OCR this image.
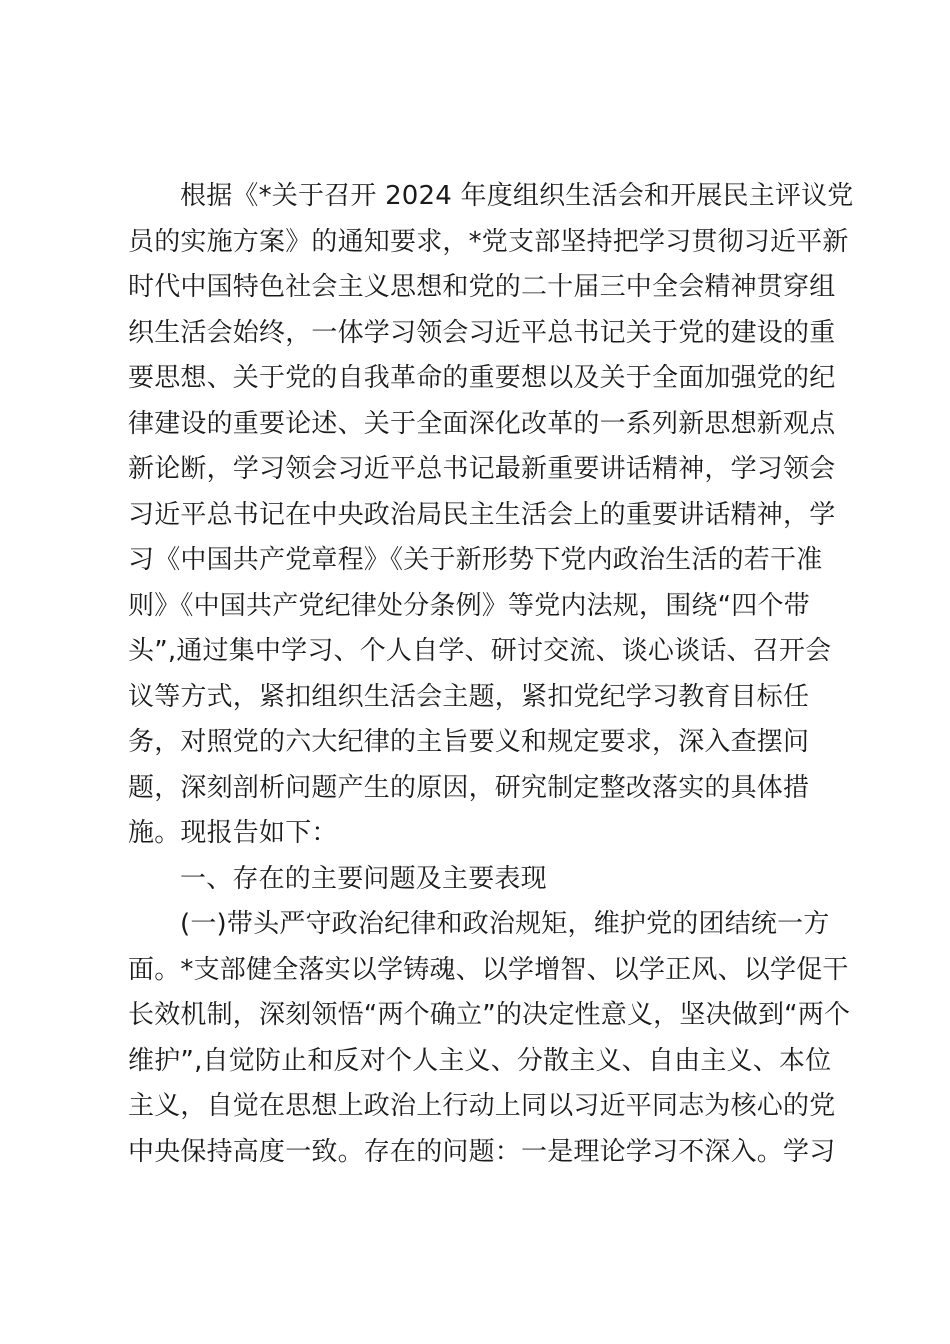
根据《*关于召开 2024 年度组织生活会和开展民主评议党
员的实施方案》的通知要求，*党支部坚持把学习贯彻习近平新
时代中国特色社会主义思想和党的二十届三中全会精神贯穿组
织生活会始终，一体学习领会习近平总书记关于党的建设的重
要思想、关于党的自我革命的重要想以及关于全面加强党的纪
律建设的重要论述、关于全面深化改革的一系列新思想新观点
新论断，学习领会习近平总书记最新重要讲话精神，学习领会
习近平总书记在中央政治局民主生活会上的重要讲话精神，学
习《中国共产党章程》《关于新形势下党内政治生活的若干准
则》《中国共产党纪律处分条例》等党内法规，围绕“四个带
头”,通过集中学习、个人自学、研讨交流、谈心谈话、召开会
议等方式，紧扣组织生活会主题，紧扣党纪学习教育目标任
务，对照党的六大纪律的主旨要义和规定要求，深入查摆问
题，深刻剖析问题产生的原因，研究制定整改落实的具体措
施。现报告如下：
一、存在的主要问题及主要表现
(一)带头严守政治纪律和政治规矩，维护党的团结统一方
面。*支部健全落实以学铸魂、以学增智、以学正风、以学促干
长效机制，深刻领悟“两个确立”的决定性意义，坚决做到“两个
维护”,自觉防止和反对个人主义、分散主义、自由主义、本位
主义，自觉在思想上政治上行动上同以习近平同志为核心的党
中央保持高度一致。存在的问题：一是理论学习不深入。学习
